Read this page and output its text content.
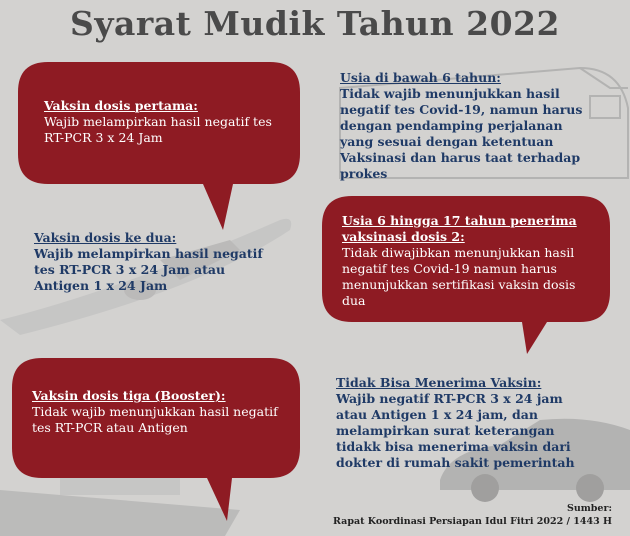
Syarat Mudik Tahun 2022
Vaksin dosis pertama:
Wajib melampirkan hasil negatif tes RT-PCR 3 x 24 Jam
Usia di bawah 6 tahun:
Tidak wajib menunjukkan hasil negatif tes Covid-19, namun harus dengan pendamping perjalanan yang sesuai dengan ketentuan Vaksinasi dan harus taat terhadap prokes
Vaksin dosis ke dua:
Wajib melampirkan hasil negatif tes RT-PCR 3 x 24 Jam atau Antigen 1 x 24 Jam
Usia 6 hingga 17 tahun penerima vaksinasi dosis 2:
Tidak diwajibkan menunjukkan hasil negatif tes Covid-19 namun harus menunjukkan sertifikasi vaksin dosis dua
Vaksin dosis tiga (Booster):
Tidak wajib menunjukkan hasil negatif tes RT-PCR atau Antigen
Tidak Bisa Menerima Vaksin:
Wajib negatif RT-PCR 3 x 24 jam atau Antigen 1 x 24 jam, dan melampirkan surat keterangan tidakk bisa menerima vaksin dari dokter di rumah sakit pemerintah
Sumber:
Rapat Koordinasi Persiapan Idul Fitri 2022 / 1443 H
